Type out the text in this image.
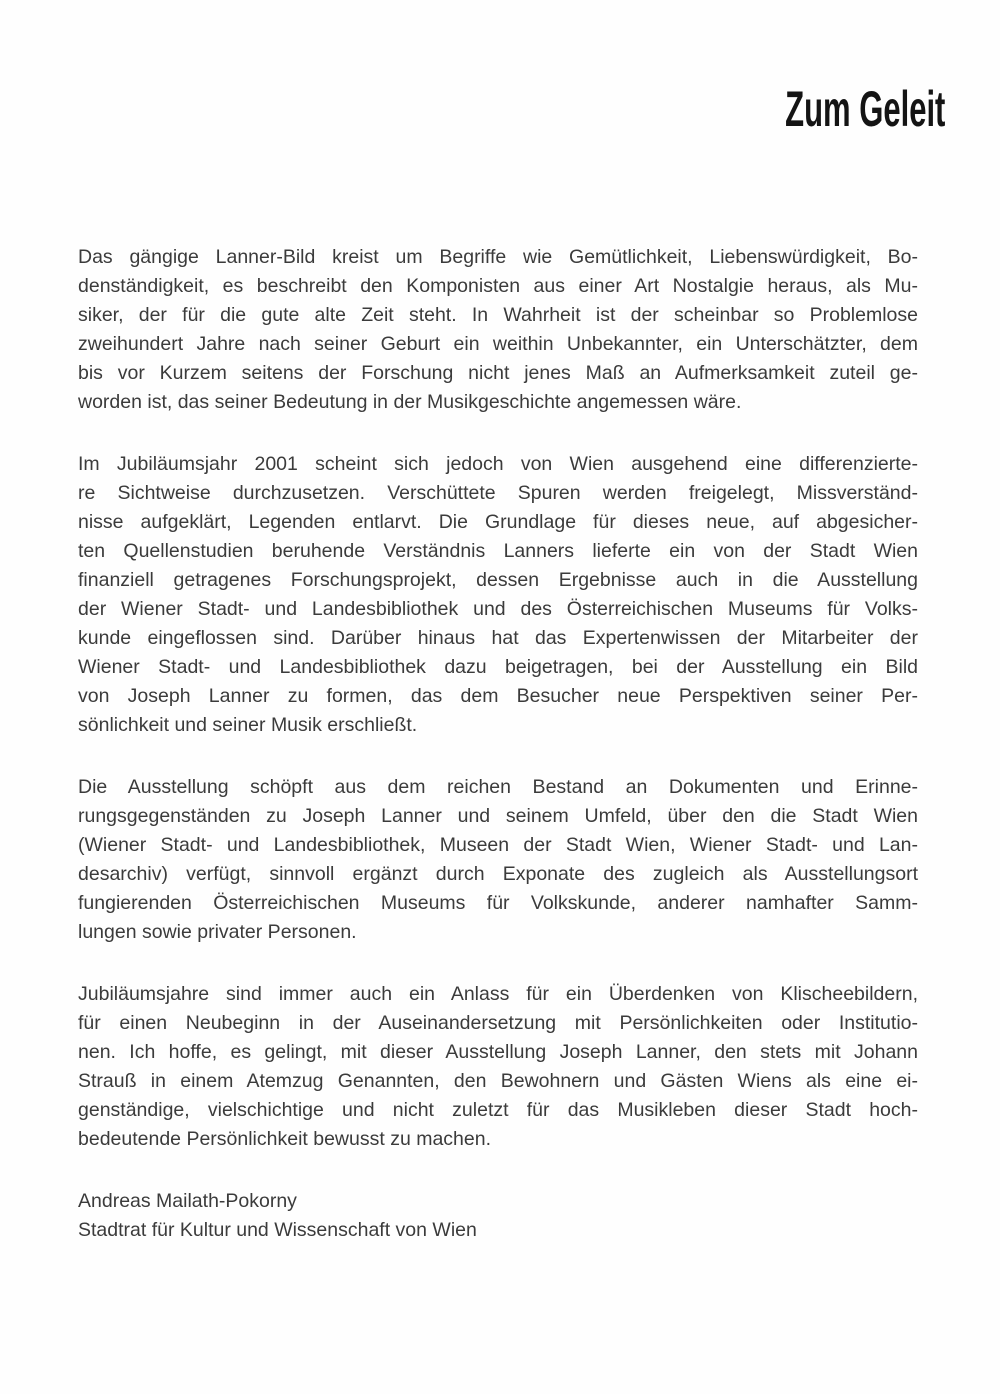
Zum Geleit
Das gängige Lanner-Bild kreist um Begriffe wie Gemütlichkeit, Liebenswürdigkeit, Bo-
denständigkeit, es beschreibt den Komponisten aus einer Art Nostalgie heraus, als Mu-
siker, der für die gute alte Zeit steht. In Wahrheit ist der scheinbar so Problemlose
zweihundert Jahre nach seiner Geburt ein weithin Unbekannter, ein Unterschätzter, dem
bis vor Kurzem seitens der Forschung nicht jenes Maß an Aufmerksamkeit zuteil ge-
worden ist, das seiner Bedeutung in der Musikgeschichte angemessen wäre.
Im Jubiläumsjahr 2001 scheint sich jedoch von Wien ausgehend eine differenzierte-
re Sichtweise durchzusetzen. Verschüttete Spuren werden freigelegt, Missverständ-
nisse aufgeklärt, Legenden entlarvt. Die Grundlage für dieses neue, auf abgesicher-
ten Quellenstudien beruhende Verständnis Lanners lieferte ein von der Stadt Wien
finanziell getragenes Forschungsprojekt, dessen Ergebnisse auch in die Ausstellung
der Wiener Stadt- und Landesbibliothek und des Österreichischen Museums für Volks-
kunde eingeflossen sind. Darüber hinaus hat das Expertenwissen der Mitarbeiter der
Wiener Stadt- und Landesbibliothek dazu beigetragen, bei der Ausstellung ein Bild
von Joseph Lanner zu formen, das dem Besucher neue Perspektiven seiner Per-
sönlichkeit und seiner Musik erschließt.
Die Ausstellung schöpft aus dem reichen Bestand an Dokumenten und Erinne-
rungsgegenständen zu Joseph Lanner und seinem Umfeld, über den die Stadt Wien
(Wiener Stadt- und Landesbibliothek, Museen der Stadt Wien, Wiener Stadt- und Lan-
desarchiv) verfügt, sinnvoll ergänzt durch Exponate des zugleich als Ausstellungsort
fungierenden Österreichischen Museums für Volkskunde, anderer namhafter Samm-
lungen sowie privater Personen.
Jubiläumsjahre sind immer auch ein Anlass für ein Überdenken von Klischeebildern,
für einen Neubeginn in der Auseinandersetzung mit Persönlichkeiten oder Institutio-
nen. Ich hoffe, es gelingt, mit dieser Ausstellung Joseph Lanner, den stets mit Johann
Strauß in einem Atemzug Genannten, den Bewohnern und Gästen Wiens als eine ei-
genständige, vielschichtige und nicht zuletzt für das Musikleben dieser Stadt hoch-
bedeutende Persönlichkeit bewusst zu machen.
Andreas Mailath-Pokorny
Stadtrat für Kultur und Wissenschaft von Wien
